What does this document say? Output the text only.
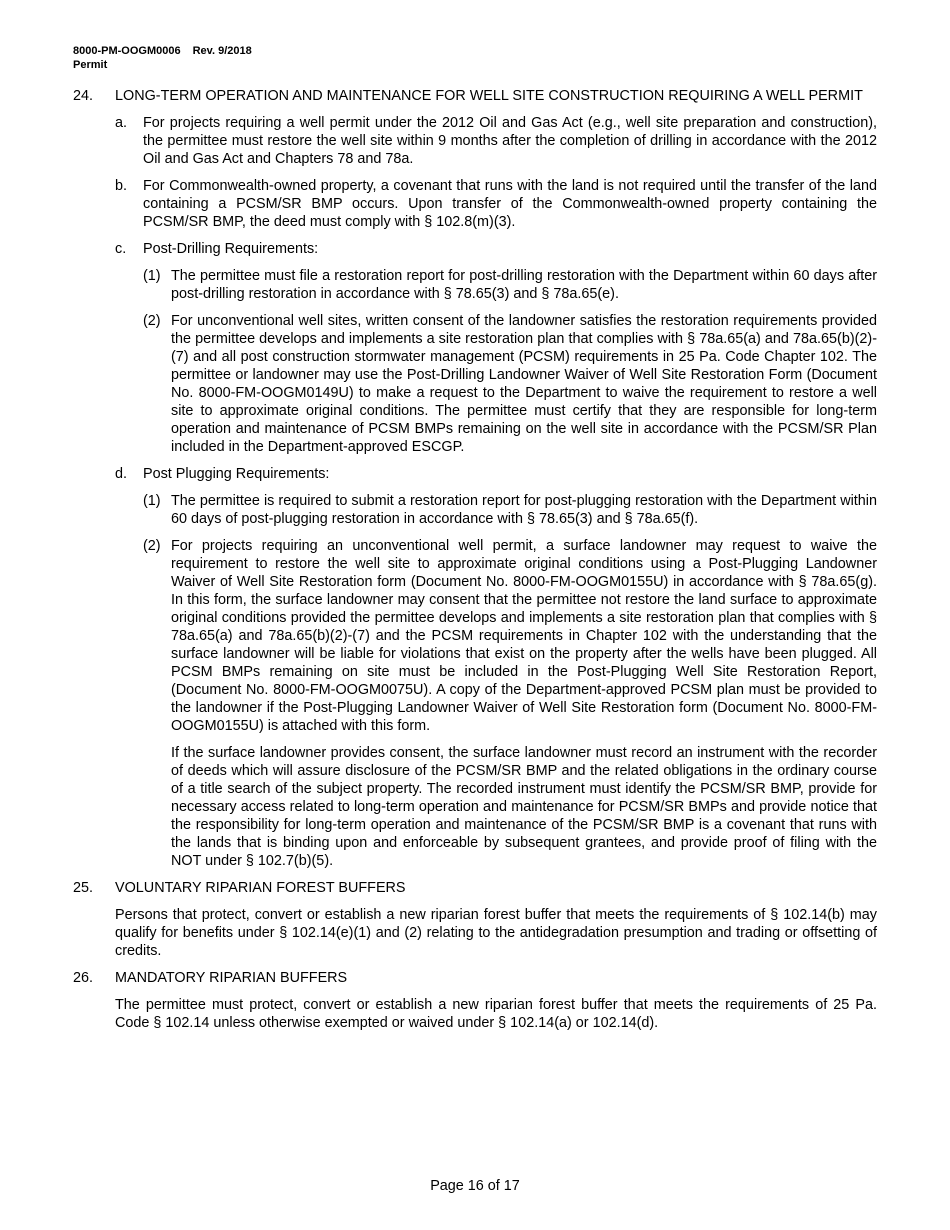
8000-PM-OOGM0006 Rev. 9/2018
Permit
24.	LONG-TERM OPERATION AND MAINTENANCE FOR WELL SITE CONSTRUCTION REQUIRING A WELL PERMIT
a.	For projects requiring a well permit under the 2012 Oil and Gas Act (e.g., well site preparation and construction), the permittee must restore the well site within 9 months after the completion of drilling in accordance with the 2012 Oil and Gas Act and Chapters 78 and 78a.
b.	For Commonwealth-owned property, a covenant that runs with the land is not required until the transfer of the land containing a PCSM/SR BMP occurs. Upon transfer of the Commonwealth-owned property containing the PCSM/SR BMP, the deed must comply with § 102.8(m)(3).
c.	Post-Drilling Requirements:
(1) The permittee must file a restoration report for post-drilling restoration with the Department within 60 days after post-drilling restoration in accordance with § 78.65(3) and § 78a.65(e).
(2) For unconventional well sites, written consent of the landowner satisfies the restoration requirements provided the permittee develops and implements a site restoration plan that complies with § 78a.65(a) and 78a.65(b)(2)-(7) and all post construction stormwater management (PCSM) requirements in 25 Pa. Code Chapter 102. The permittee or landowner may use the Post-Drilling Landowner Waiver of Well Site Restoration Form (Document No. 8000-FM-OOGM0149U) to make a request to the Department to waive the requirement to restore a well site to approximate original conditions. The permittee must certify that they are responsible for long-term operation and maintenance of PCSM BMPs remaining on the well site in accordance with the PCSM/SR Plan included in the Department-approved ESCGP.
d.	Post Plugging Requirements:
(1) The permittee is required to submit a restoration report for post-plugging restoration with the Department within 60 days of post-plugging restoration in accordance with § 78.65(3) and § 78a.65(f).
(2) For projects requiring an unconventional well permit, a surface landowner may request to waive the requirement to restore the well site to approximate original conditions using a Post-Plugging Landowner Waiver of Well Site Restoration form (Document No. 8000-FM-OOGM0155U) in accordance with § 78a.65(g). In this form, the surface landowner may consent that the permittee not restore the land surface to approximate original conditions provided the permittee develops and implements a site restoration plan that complies with § 78a.65(a) and 78a.65(b)(2)-(7) and the PCSM requirements in Chapter 102 with the understanding that the surface landowner will be liable for violations that exist on the property after the wells have been plugged. All PCSM BMPs remaining on site must be included in the Post-Plugging Well Site Restoration Report, (Document No. 8000-FM-OOGM0075U). A copy of the Department-approved PCSM plan must be provided to the landowner if the Post-Plugging Landowner Waiver of Well Site Restoration form (Document No. 8000-FM-OOGM0155U) is attached with this form.
If the surface landowner provides consent, the surface landowner must record an instrument with the recorder of deeds which will assure disclosure of the PCSM/SR BMP and the related obligations in the ordinary course of a title search of the subject property. The recorded instrument must identify the PCSM/SR BMP, provide for necessary access related to long-term operation and maintenance for PCSM/SR BMPs and provide notice that the responsibility for long-term operation and maintenance of the PCSM/SR BMP is a covenant that runs with the lands that is binding upon and enforceable by subsequent grantees, and provide proof of filing with the NOT under § 102.7(b)(5).
25.	VOLUNTARY RIPARIAN FOREST BUFFERS
Persons that protect, convert or establish a new riparian forest buffer that meets the requirements of § 102.14(b) may qualify for benefits under § 102.14(e)(1) and (2) relating to the antidegradation presumption and trading or offsetting of credits.
26.	MANDATORY RIPARIAN BUFFERS
The permittee must protect, convert or establish a new riparian forest buffer that meets the requirements of 25 Pa. Code § 102.14 unless otherwise exempted or waived under § 102.14(a) or 102.14(d).
Page 16 of 17
